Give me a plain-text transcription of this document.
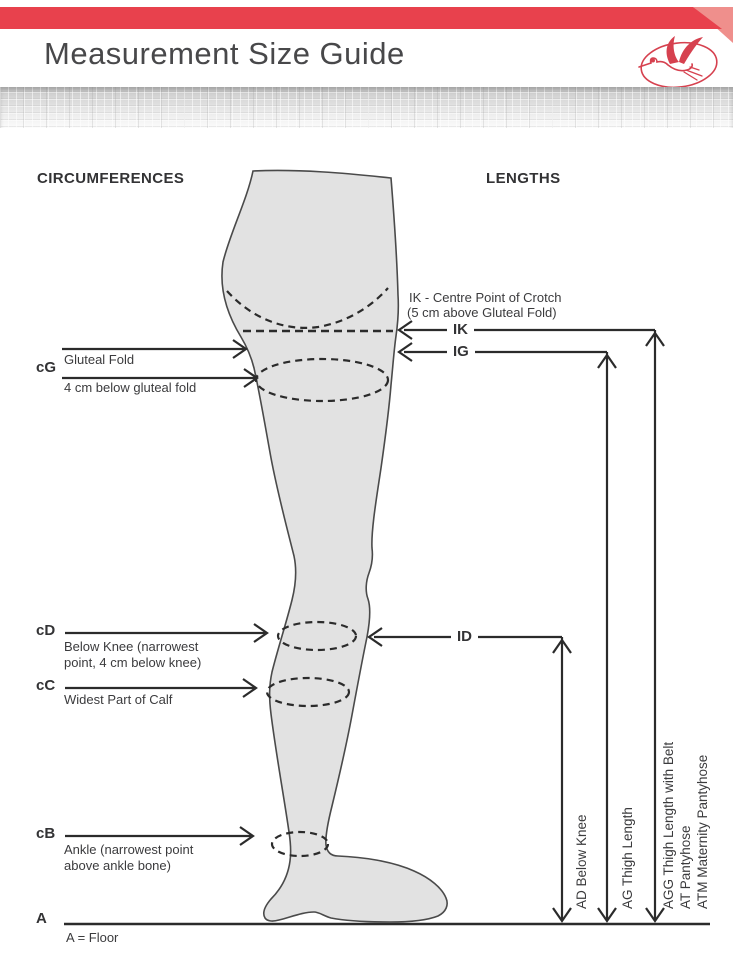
Measurement Size Guide
CIRCUMFERENCES	LENGTHS
cG Gluteal Fold
4 cm below gluteal fold
cD
Below Knee (narrowest
point, 4 cm below knee)
cC
Widest Part of Calf
cB
Ankle (narrowest point
above ankle bone)
A
A = Floor
IK - Centre Point of Crotch
(5 cm above Gluteal Fold)
IK
IG
ID
AD Below Knee AG Thigh Length AGG Thigh Length with Belt AT Pantyhose ATM Maternity Pantyhose
